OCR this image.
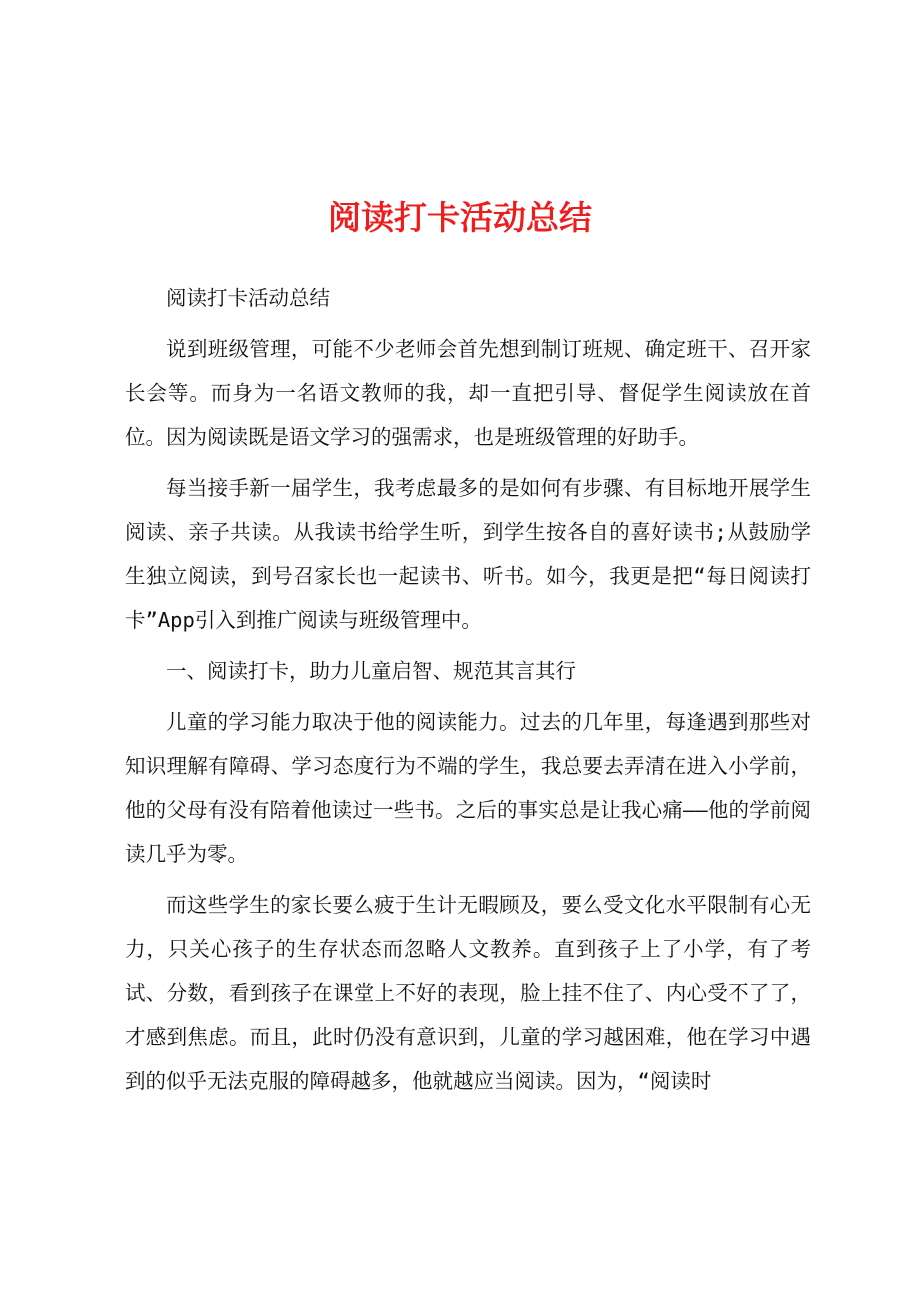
阅读打卡活动总结

阅读打卡活动总结

说到班级管理，可能不少老师会首先想到制订班规、确定班干、召开家长会等。而身为一名语文教师的我，却一直把引导、督促学生阅读放在首位。因为阅读既是语文学习的强需求，也是班级管理的好助手。

每当接手新一届学生，我考虑最多的是如何有步骤、有目标地开展学生阅读、亲子共读。从我读书给学生听，到学生按各自的喜好读书;从鼓励学生独立阅读，到号召家长也一起读书、听书。如今，我更是把“每日阅读打卡”App引入到推广阅读与班级管理中。

一、阅读打卡，助力儿童启智、规范其言其行

儿童的学习能力取决于他的阅读能力。过去的几年里，每逢遇到那些对知识理解有障碍、学习态度行为不端的学生，我总要去弄清在进入小学前，他的父母有没有陪着他读过一些书。之后的事实总是让我心痛——他的学前阅读几乎为零。

而这些学生的家长要么疲于生计无暇顾及，要么受文化水平限制有心无力，只关心孩子的生存状态而忽略人文教养。直到孩子上了小学，有了考试、分数，看到孩子在课堂上不好的表现，脸上挂不住了、内心受不了了，才感到焦虑。而且，此时仍没有意识到，儿童的学习越困难，他在学习中遇到的似乎无法克服的障碍越多，他就越应当阅读。因为，“阅读时
